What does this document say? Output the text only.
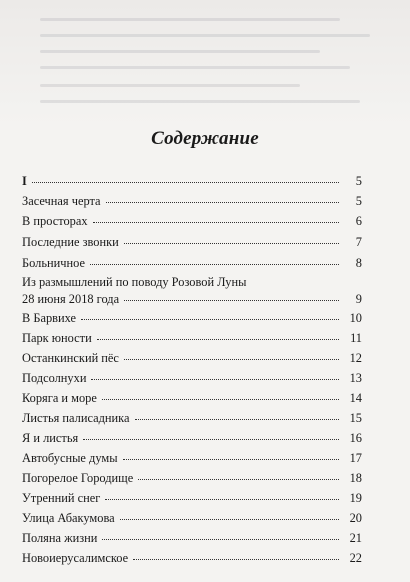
Содержание
I	5
Засечная черта	5
В просторах	6
Последние звонки	7
Больничное	8
Из размышлений по поводу Розовой Луны
28 июня 2018 года	9
В Барвихе	10
Парк юности	11
Останкинский пёс	12
Подсолнухи	13
Коряга и море	14
Листья палисадника	15
Я и листья	16
Автобусные думы	17
Погорелое Городище	18
Утренний снег	19
Улица Абакумова	20
Поляна жизни	21
Новоиерусалимское	22
